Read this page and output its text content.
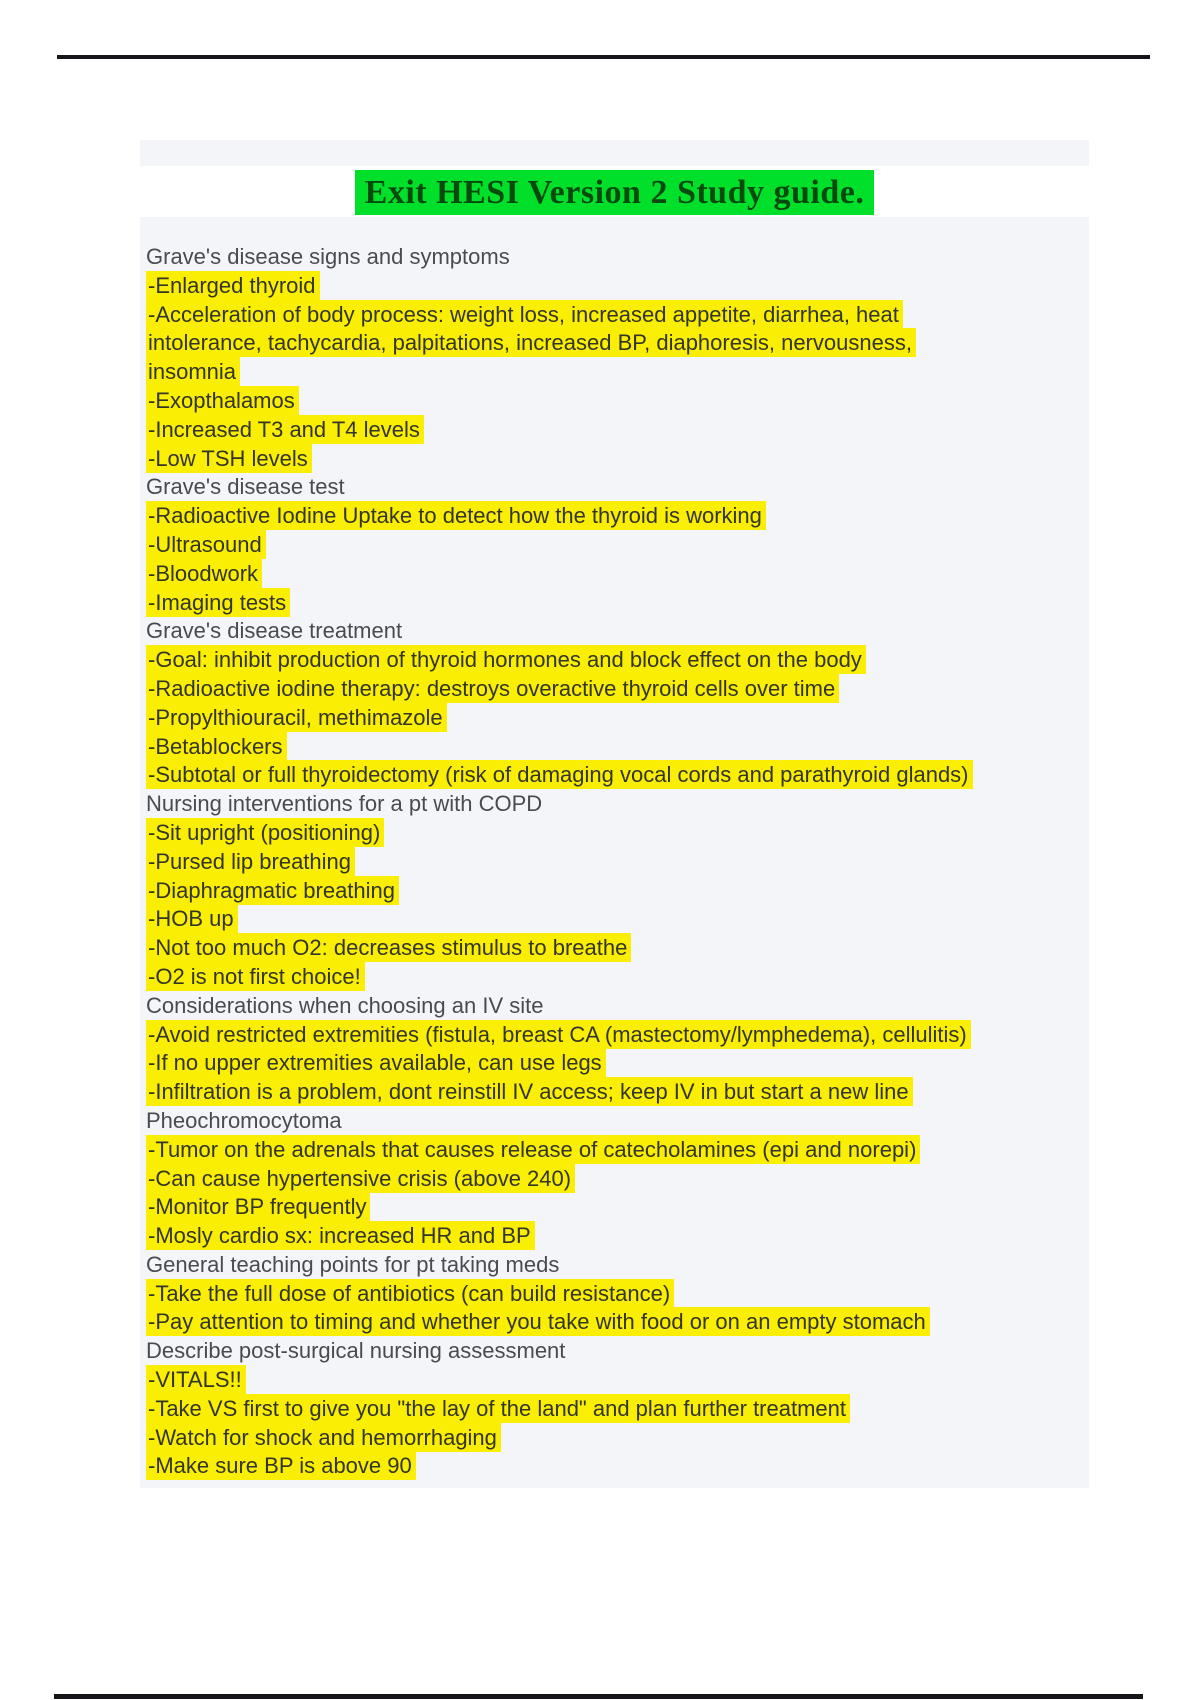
Exit HESI Version 2 Study guide.
Grave's disease signs and symptoms
-Enlarged thyroid
-Acceleration of body process: weight loss, increased appetite, diarrhea, heat
intolerance, tachycardia, palpitations, increased BP, diaphoresis, nervousness,
insomnia
-Exopthalamos
-Increased T3 and T4 levels
-Low TSH levels
Grave's disease test
-Radioactive Iodine Uptake to detect how the thyroid is working
-Ultrasound
-Bloodwork
-Imaging tests
Grave's disease treatment
-Goal: inhibit production of thyroid hormones and block effect on the body
-Radioactive iodine therapy: destroys overactive thyroid cells over time
-Propylthiouracil, methimazole
-Betablockers
-Subtotal or full thyroidectomy (risk of damaging vocal cords and parathyroid glands)
Nursing interventions for a pt with COPD
-Sit upright (positioning)
-Pursed lip breathing
-Diaphragmatic breathing
-HOB up
-Not too much O2: decreases stimulus to breathe
-O2 is not first choice!
Considerations when choosing an IV site
-Avoid restricted extremities (fistula, breast CA (mastectomy/lymphedema), cellulitis)
-If no upper extremities available, can use legs
-Infiltration is a problem, dont reinstill IV access; keep IV in but start a new line
Pheochromocytoma
-Tumor on the adrenals that causes release of catecholamines (epi and norepi)
-Can cause hypertensive crisis (above 240)
-Monitor BP frequently
-Mosly cardio sx: increased HR and BP
General teaching points for pt taking meds
-Take the full dose of antibiotics (can build resistance)
-Pay attention to timing and whether you take with food or on an empty stomach
Describe post-surgical nursing assessment
-VITALS!!
-Take VS first to give you "the lay of the land" and plan further treatment
-Watch for shock and hemorrhaging
-Make sure BP is above 90
